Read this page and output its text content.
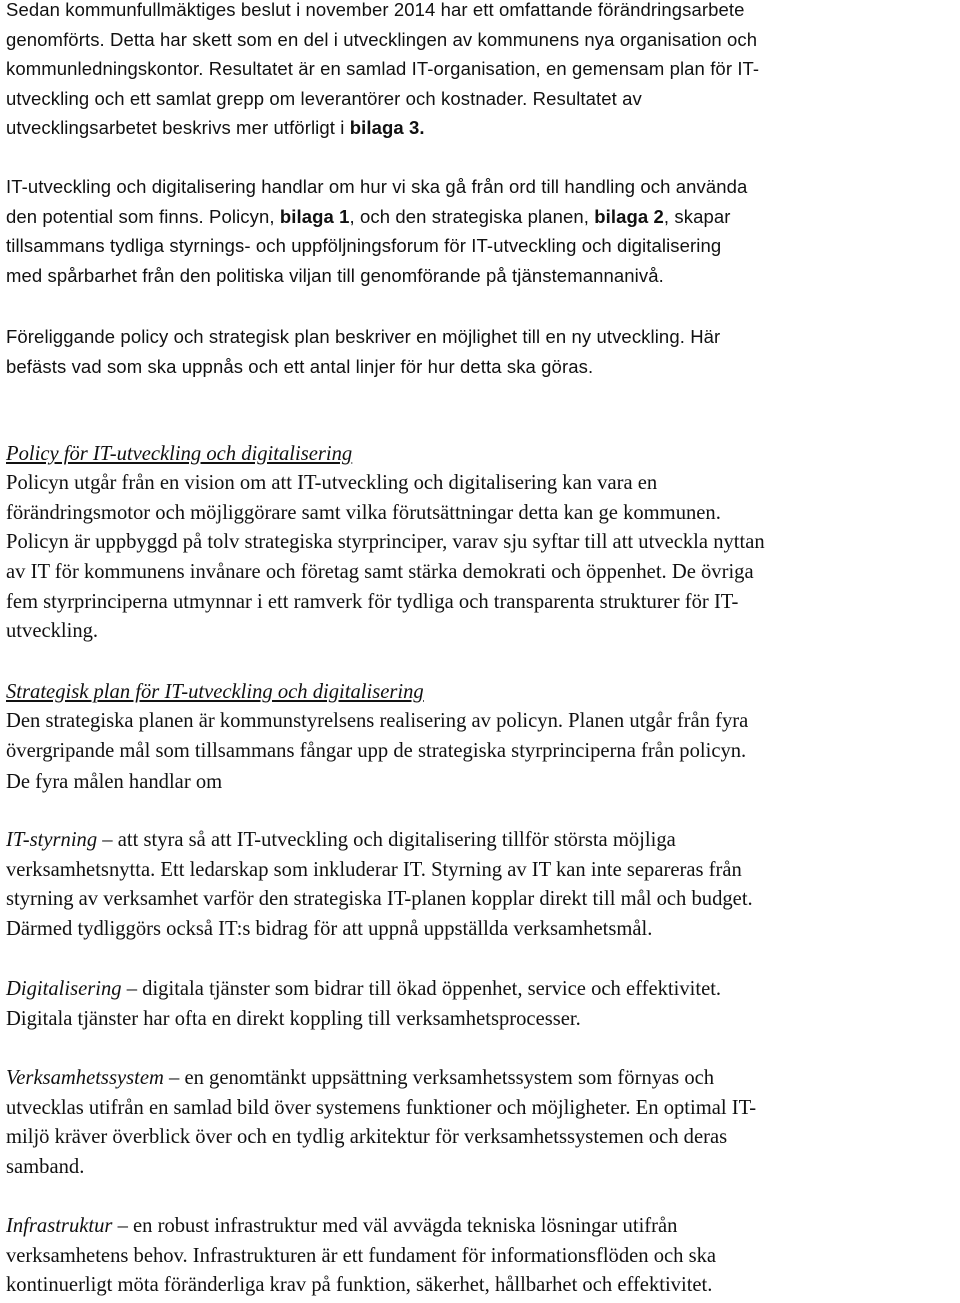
Sedan kommunfullmäktiges beslut i november 2014 har ett omfattande förändringsarbete
genomförts. Detta har skett som en del i utvecklingen av kommunens nya organisation och
kommunledningskontor. Resultatet är en samlad IT-organisation, en gemensam plan för IT-
utveckling och ett samlat grepp om leverantörer och kostnader. Resultatet av
utvecklingsarbetet beskrivs mer utförligt i bilaga 3.

IT-utveckling och digitalisering handlar om hur vi ska gå från ord till handling och använda
den potential som finns. Policyn, bilaga 1, och den strategiska planen, bilaga 2, skapar
tillsammans tydliga styrnings- och uppföljningsforum för IT-utveckling och digitalisering
med spårbarhet från den politiska viljan till genomförande på tjänstemannanivå.

Föreliggande policy och strategisk plan beskriver en möjlighet till en ny utveckling. Här
befästs vad som ska uppnås och ett antal linjer för hur detta ska göras.

Policy för IT-utveckling och digitalisering
Policyn utgår från en vision om att IT-utveckling och digitalisering kan vara en
förändringsmotor och möjliggörare samt vilka förutsättningar detta kan ge kommunen.
Policyn är uppbyggd på tolv strategiska styrprinciper, varav sju syftar till att utveckla nyttan
av IT för kommunens invånare och företag samt stärka demokrati och öppenhet. De övriga
fem styrprinciperna utmynnar i ett ramverk för tydliga och transparenta strukturer för IT-
utveckling.

Strategisk plan för IT-utveckling och digitalisering
Den strategiska planen är kommunstyrelsens realisering av policyn. Planen utgår från fyra
övergripande mål som tillsammans fångar upp de strategiska styrprinciperna från policyn.

De fyra målen handlar om

IT-styrning – att styra så att IT-utveckling och digitalisering tillför största möjliga
verksamhetsnytta. Ett ledarskap som inkluderar IT. Styrning av IT kan inte separeras från
styrning av verksamhet varför den strategiska IT-planen kopplar direkt till mål och budget.
Därmed tydliggörs också IT:s bidrag för att uppnå uppställda verksamhetsmål.

Digitalisering – digitala tjänster som bidrar till ökad öppenhet, service och effektivitet.
Digitala tjänster har ofta en direkt koppling till verksamhetsprocesser.

Verksamhetssystem – en genomtänkt uppsättning verksamhetssystem som förnyas och
utvecklas utifrån en samlad bild över systemens funktioner och möjligheter. En optimal IT-
miljö kräver överblick över och en tydlig arkitektur för verksamhetssystemen och deras
samband.

Infrastruktur – en robust infrastruktur med väl avvägda tekniska lösningar utifrån
verksamhetens behov. Infrastrukturen är ett fundament för informationsflöden och ska
kontinuerligt möta föränderliga krav på funktion, säkerhet, hållbarhet och effektivitet.
